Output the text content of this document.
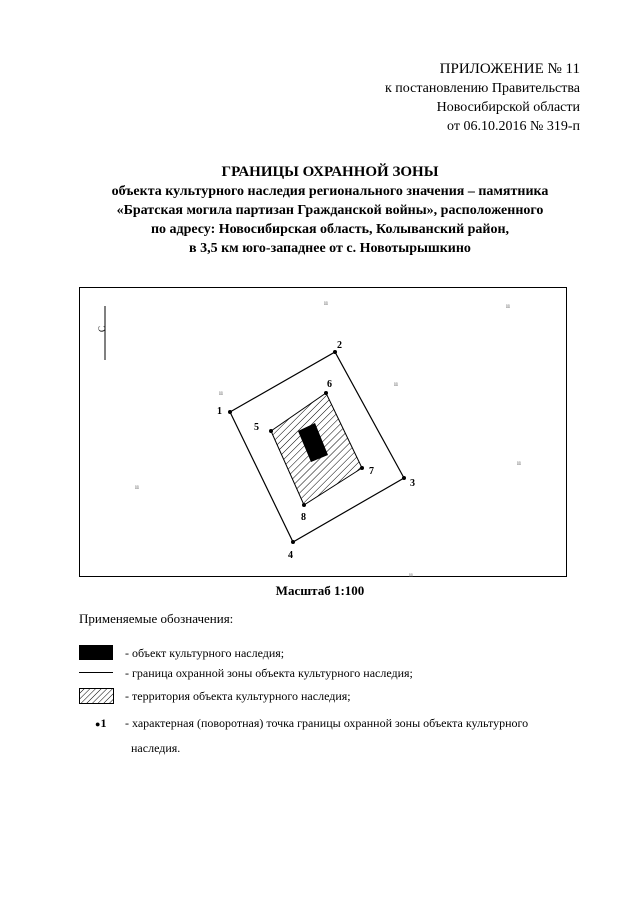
ПРИЛОЖЕНИЕ № 11
к постановлению Правительства
Новосибирской области
от 06.10.2016 № 319-п
ГРАНИЦЫ ОХРАННОЙ ЗОНЫ
объекта культурного наследия регионального значения – памятника
«Братская могила партизан Гражданской войны», расположенного
по адресу: Новосибирская область, Колыванский район,
в 3,5 км юго-западнее от с. Новотырышкино
С
ıı	ıı
ıı
ıı
ıı
ıı
ıı
1
2
3
4
5
6
7
8
Масштаб 1:100
Применяемые обозначения:
- объект культурного наследия;
- граница охранной зоны объекта культурного наследия;
- территория объекта культурного наследия;
●1 - характерная (поворотная) точка границы охранной зоны объекта культурного
наследия.
